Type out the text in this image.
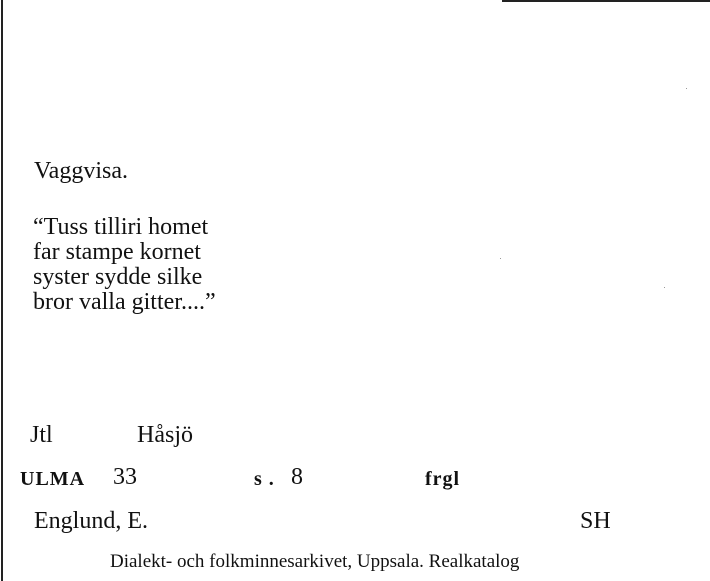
Vaggvisa.
“Tuss tilliri homet
far stampe kornet
syster sydde silke
bror valla gitter....”
Jtl	Håsjö
ULMA 33	s . 8	frgl
Englund, E.	SH
Dialekt- och folkminnesarkivet, Uppsala. Realkatalog
